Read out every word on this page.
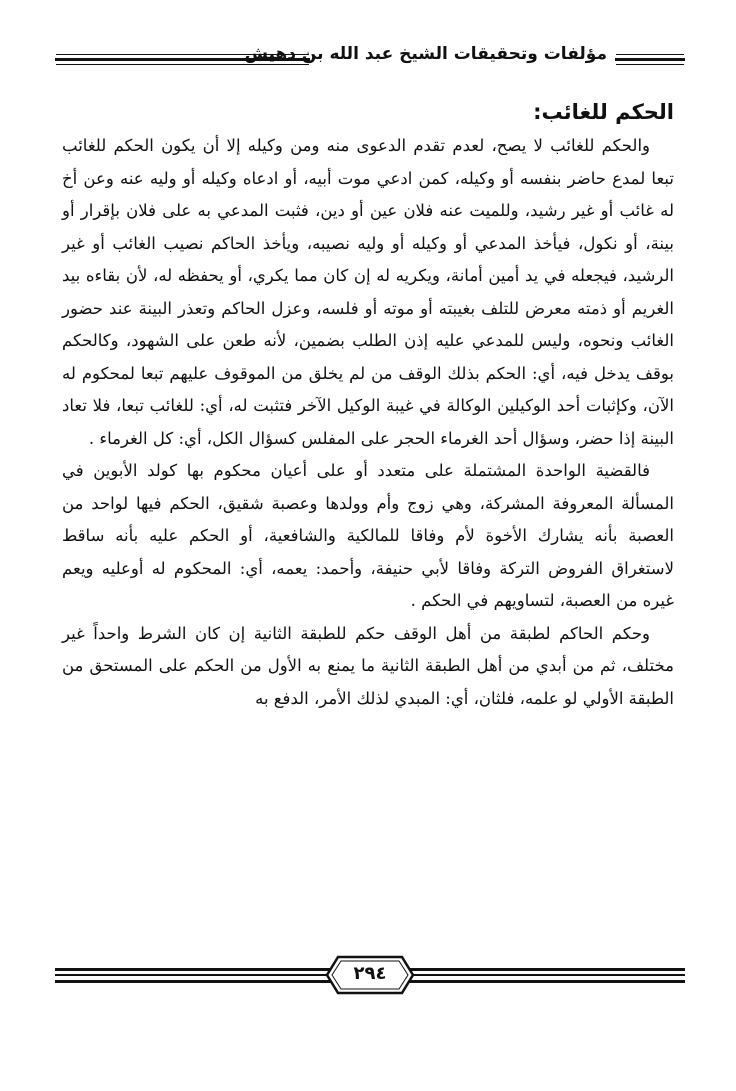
مؤلفات وتحقيقات الشيخ عبد الله بن دهيش
الحكم للغائب:

والحكم للغائب لا يصح، لعدم تقدم الدعوى منه ومن وكيله إلا أن يكون الحكم للغائب تبعا لمدع حاضر بنفسه أو وكيله، كمن ادعي موت أبيه، أو ادعاه وكيله أو وليه عنه وعن أخ له غائب أو غير رشيد، وللميت عنه فلان عين أو دين، فثبت المدعي به على فلان بإقرار أو بينة، أو نكول، فيأخذ المدعي أو وكيله أو وليه نصيبه، ويأخذ الحاكم نصيب الغائب أو غير الرشيد، فيجعله في يد أمين أمانة، ويكريه له إن كان مما يكري، أو يحفظه له، لأن بقاءه بيد الغريم أو ذمته معرض للتلف بغيبته أو موته أو فلسه، وعزل الحاكم وتعذر البينة عند حضور الغائب ونحوه، وليس للمدعي عليه إذن الطلب بضمين، لأنه طعن على الشهود، وكالحكم بوقف يدخل فيه، أي: الحكم بذلك الوقف من لم يخلق من الموقوف عليهم تبعا لمحكوم له الآن، وكإثبات أحد الوكيلين الوكالة في غيبة الوكيل الآخر فتثبت له، أي: للغائب تبعا، فلا تعاد البينة إذا حضر، وسؤال أحد الغرماء الحجر على المفلس كسؤال الكل، أي: كل الغرماء .

فالقضية الواحدة المشتملة على متعدد أو على أعيان محكوم بها كولد الأبوين في المسألة المعروفة المشركة، وهي زوج وأم وولدها وعصبة شقيق، الحكم فيها لواحد من العصبة بأنه يشارك الأخوة لأم وفاقا للمالكية والشافعية، أو الحكم عليه بأنه ساقط لاستغراق الفروض التركة وفاقا لأبي حنيفة، وأحمد: يعمه، أي: المحكوم له أوعليه ويعم غيره من العصبة، لتساويهم في الحكم .

وحكم الحاكم لطبقة من أهل الوقف حكم للطبقة الثانية إن كان الشرط واحداً غير مختلف، ثم من أبدي من أهل الطبقة الثانية ما يمنع به الأول من الحكم على المستحق من الطبقة الأولي لو علمه، فلثان، أي: المبدي لذلك الأمر، الدفع به

٢٩٤
